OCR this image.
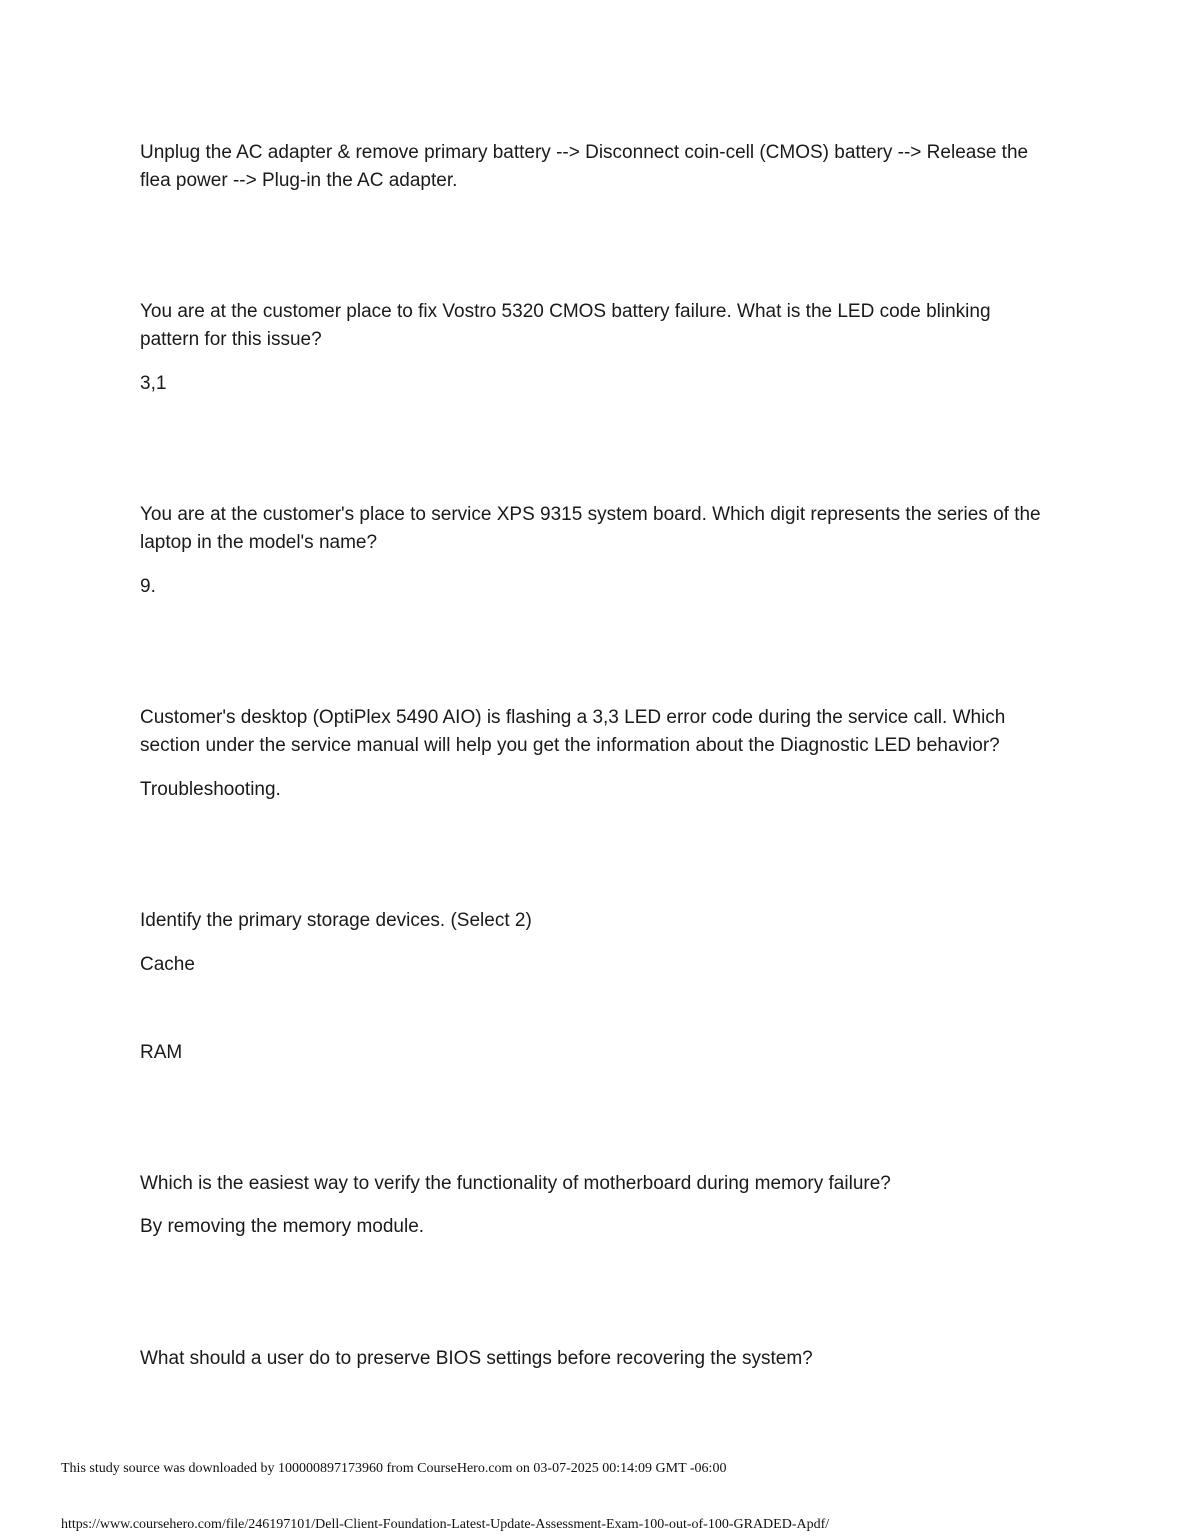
Unplug the AC adapter & remove primary battery --> Disconnect coin-cell (CMOS) battery --> Release the flea power --> Plug-in the AC adapter.

You are at the customer place to fix Vostro 5320 CMOS battery failure. What is the LED code blinking pattern for this issue?

3,1

You are at the customer's place to service XPS 9315 system board. Which digit represents the series of the laptop in the model's name?

9.

Customer's desktop (OptiPlex 5490 AIO) is flashing a 3,3 LED error code during the service call. Which section under the service manual will help you get the information about the Diagnostic LED behavior?

Troubleshooting.

Identify the primary storage devices. (Select 2)

Cache

RAM

Which is the easiest way to verify the functionality of motherboard during memory failure?

By removing the memory module.

What should a user do to preserve BIOS settings before recovering the system?

This study source was downloaded by 100000897173960 from CourseHero.com on 03-07-2025 00:14:09 GMT -06:00
https://www.coursehero.com/file/246197101/Dell-Client-Foundation-Latest-Update-Assessment-Exam-100-out-of-100-GRADED-Apdf/
